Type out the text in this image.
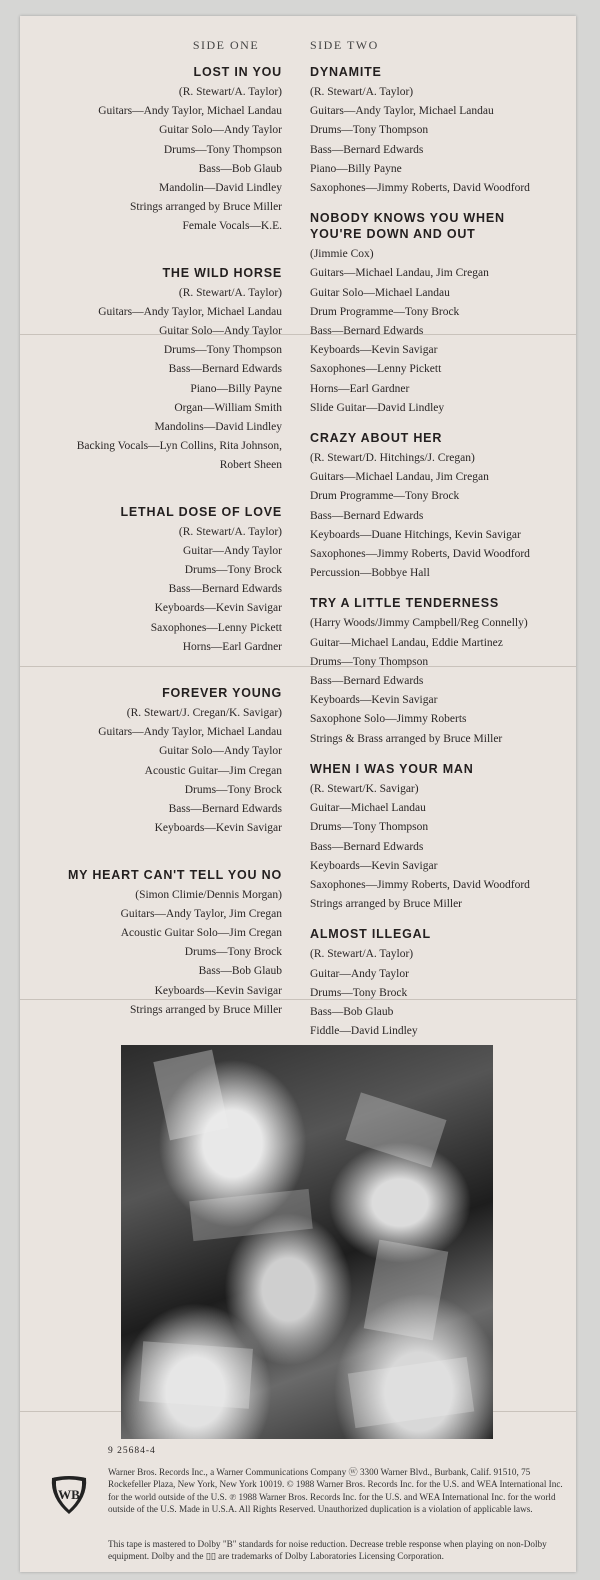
SIDE ONE
LOST IN YOU
(R. Stewart/A. Taylor)
Guitars—Andy Taylor, Michael Landau
Guitar Solo—Andy Taylor
Drums—Tony Thompson
Bass—Bob Glaub
Mandolin—David Lindley
Strings arranged by Bruce Miller
Female Vocals—K.E.
THE WILD HORSE
(R. Stewart/A. Taylor)
Guitars—Andy Taylor, Michael Landau
Guitar Solo—Andy Taylor
Drums—Tony Thompson
Bass—Bernard Edwards
Piano—Billy Payne
Organ—William Smith
Mandolins—David Lindley
Backing Vocals—Lyn Collins, Rita Johnson,
Robert Sheen
LETHAL DOSE OF LOVE
(R. Stewart/A. Taylor)
Guitar—Andy Taylor
Drums—Tony Brock
Bass—Bernard Edwards
Keyboards—Kevin Savigar
Saxophones—Lenny Pickett
Horns—Earl Gardner
FOREVER YOUNG
(R. Stewart/J. Cregan/K. Savigar)
Guitars—Andy Taylor, Michael Landau
Guitar Solo—Andy Taylor
Acoustic Guitar—Jim Cregan
Drums—Tony Brock
Bass—Bernard Edwards
Keyboards—Kevin Savigar
MY HEART CAN'T TELL YOU NO
(Simon Climie/Dennis Morgan)
Guitars—Andy Taylor, Jim Cregan
Acoustic Guitar Solo—Jim Cregan
Drums—Tony Brock
Bass—Bob Glaub
Keyboards—Kevin Savigar
Strings arranged by Bruce Miller
SIDE TWO
DYNAMITE
(R. Stewart/A. Taylor)
Guitars—Andy Taylor, Michael Landau
Drums—Tony Thompson
Bass—Bernard Edwards
Piano—Billy Payne
Saxophones—Jimmy Roberts, David Woodford
NOBODY KNOWS YOU WHEN YOU'RE DOWN AND OUT
(Jimmie Cox)
Guitars—Michael Landau, Jim Cregan
Guitar Solo—Michael Landau
Drum Programme—Tony Brock
Bass—Bernard Edwards
Keyboards—Kevin Savigar
Saxophones—Lenny Pickett
Horns—Earl Gardner
Slide Guitar—David Lindley
CRAZY ABOUT HER
(R. Stewart/D. Hitchings/J. Cregan)
Guitars—Michael Landau, Jim Cregan
Drum Programme—Tony Brock
Bass—Bernard Edwards
Keyboards—Duane Hitchings, Kevin Savigar
Saxophones—Jimmy Roberts, David Woodford
Percussion—Bobbye Hall
TRY A LITTLE TENDERNESS
(Harry Woods/Jimmy Campbell/Reg Connelly)
Guitar—Michael Landau, Eddie Martinez
Drums—Tony Thompson
Bass—Bernard Edwards
Keyboards—Kevin Savigar
Saxophone Solo—Jimmy Roberts
Strings & Brass arranged by Bruce Miller
WHEN I WAS YOUR MAN
(R. Stewart/K. Savigar)
Guitar—Michael Landau
Drums—Tony Thompson
Bass—Bernard Edwards
Keyboards—Kevin Savigar
Saxophones—Jimmy Roberts, David Woodford
Strings arranged by Bruce Miller
ALMOST ILLEGAL
(R. Stewart/A. Taylor)
Guitar—Andy Taylor
Drums—Tony Brock
Bass—Bob Glaub
Fiddle—David Lindley
9 25684-4
WB
Warner Bros. Records Inc., a Warner Communications Company ⓦ 3300 Warner Blvd., Burbank, Calif. 91510, 75 Rockefeller Plaza, New York, New York 10019. © 1988 Warner Bros. Records Inc. for the U.S. and WEA International Inc. for the world outside of the U.S. ℗ 1988 Warner Bros. Records Inc. for the U.S. and WEA International Inc. for the world outside of the U.S. Made in U.S.A. All Rights Reserved. Unauthorized duplication is a violation of applicable laws.
This tape is mastered to Dolby "B" standards for noise reduction. Decrease treble response when playing on non-Dolby equipment. Dolby and the ▯▯ are trademarks of Dolby Laboratories Licensing Corporation.
